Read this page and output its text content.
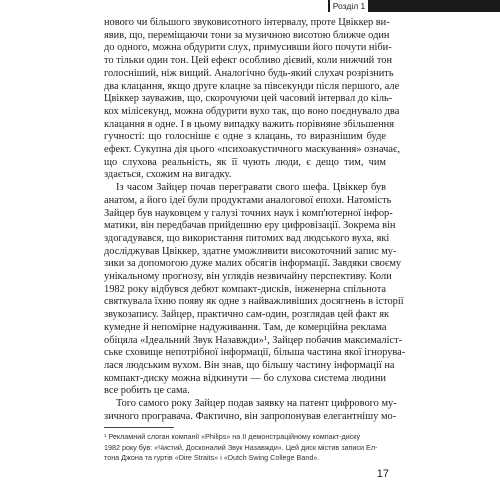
Розділ 1
нового чи більшого звуковисотного інтервалу, проте Цвіккер ви-
явив, що, переміщаючи тони за музичною висотою ближче один
до одного, можна обдурити слух, примусивши його почути ніби-
то тільки один тон. Цей ефект особливо дієвий, коли нижчий тон
голосніший, ніж вищий. Аналогічно будь-який слухач розрізнить
два клацання, якщо друге клацне за півсекунди після першого, але
Цвіккер зауважив, що, скорочуючи цей часовий інтервал до кіль-
кох мілісекунд, можна обдурити вухо так, що воно поєднувало два
клацання в одне. І в цьому випадку важить порівняне збільшення
гучності: що голосніше є одне з клацань, то виразнішим буде
ефект. Сукупна дія цього «психоакустичного маскування» означає,
що слухова реальність, як її чують люди, є дещо тим, чим
здається, схожим на вигадку.
Із часом Зайцер почав перегравати свого шефа. Цвіккер був
анатом, а його ідеї були продуктами аналогової епохи. Натомість
Зайцер був науковцем у галузі точних наук і комп'ютерної інфор-
матики, він передбачав прийдешню еру цифровізації. Зокрема він
здогадувався, що використання питомих вад людського вуха, які
досліджував Цвіккер, здатне уможливити високоточний запис му-
зики за допомогою дуже малих обсягів інформації. Завдяки своєму
унікальному прогнозу, він углядів незвичайну перспективу. Коли
1982 року відбувся дебют компакт-дисків, інженерна спільнота
святкувала їхню появу як одне з найважливіших досягнень в історії
звукозапису. Зайцер, практично сам-один, розглядав цей факт як
кумедне й непомірне надуживання. Там, де комерційна реклама
обіцяла «Ідеальний Звук Назавжди»¹, Зайцер побачив максималіст-
ське сховище непотрібної інформації, більша частина якої ігнорува-
лася людським вухом. Він знав, що більшу частину інформації на
компакт-диску можна відкинути — бо слухова система людини
все робить це сама.
Того самого року Зайцер подав заявку на патент цифрового му-
зичного програвача. Фактично, він запропонував елегантнішу мо-
¹ Рекламний слоган компанії «Philips» на II демонстраційному компакт-диску
1982 року був: «Чистий, Досконалий Звук Назавжди». Цей диск містив записи Ел-
тона Джона та гуртів «Dire Straits» і «Dutch Swing College Band».
17
